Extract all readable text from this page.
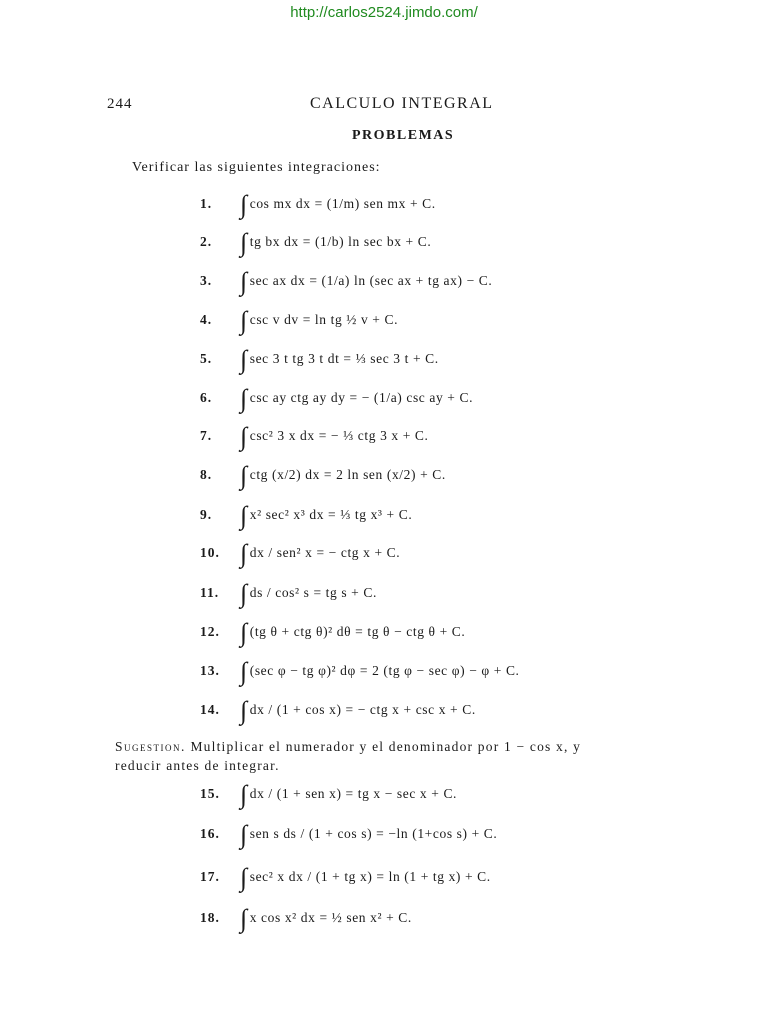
http://carlos2524.jimdo.com/
244	CALCULO INTEGRAL
PROBLEMAS
Verificar las siguientes integraciones:
1.	∫ cos mx dx = (1/m) sen mx + C.
2.	∫ tg bx dx = (1/b) ln sec bx + C.
3.	∫ sec ax dx = (1/a) ln (sec ax + tg ax) − C.
4.	∫ csc v dv = ln tg ½ v + C.
5.	∫ sec 3 t tg 3 t dt = ⅓ sec 3 t + C.
6.	∫ csc ay ctg ay dy = − (1/a) csc ay + C.
7.	∫ csc² 3 x dx = − ⅓ ctg 3 x + C.
8.	∫ ctg (x/2) dx = 2 ln sen (x/2) + C.
9.	∫ x² sec² x³ dx = ⅓ tg x³ + C.
10. ∫ dx / sen² x = − ctg x + C.
11. ∫ ds / cos² s = tg s + C.
12. ∫ (tg θ + ctg θ)² dθ = tg θ − ctg θ + C.
13. ∫ (sec φ − tg φ)² dφ = 2 (tg φ − sec φ) − φ + C.
14. ∫ dx / (1 + cos x) = − ctg x + csc x + C.
Sugestion. Multiplicar el numerador y el denominador por 1 − cos x, y
reducir antes de integrar.
15. ∫ dx / (1 + sen x) = tg x − sec x + C.
16. ∫ sen s ds / (1 + cos s) = −ln (1+cos s) + C.
17. ∫ sec² x dx / (1 + tg x) = ln (1 + tg x) + C.
18. ∫ x cos x² dx = ½ sen x² + C.
